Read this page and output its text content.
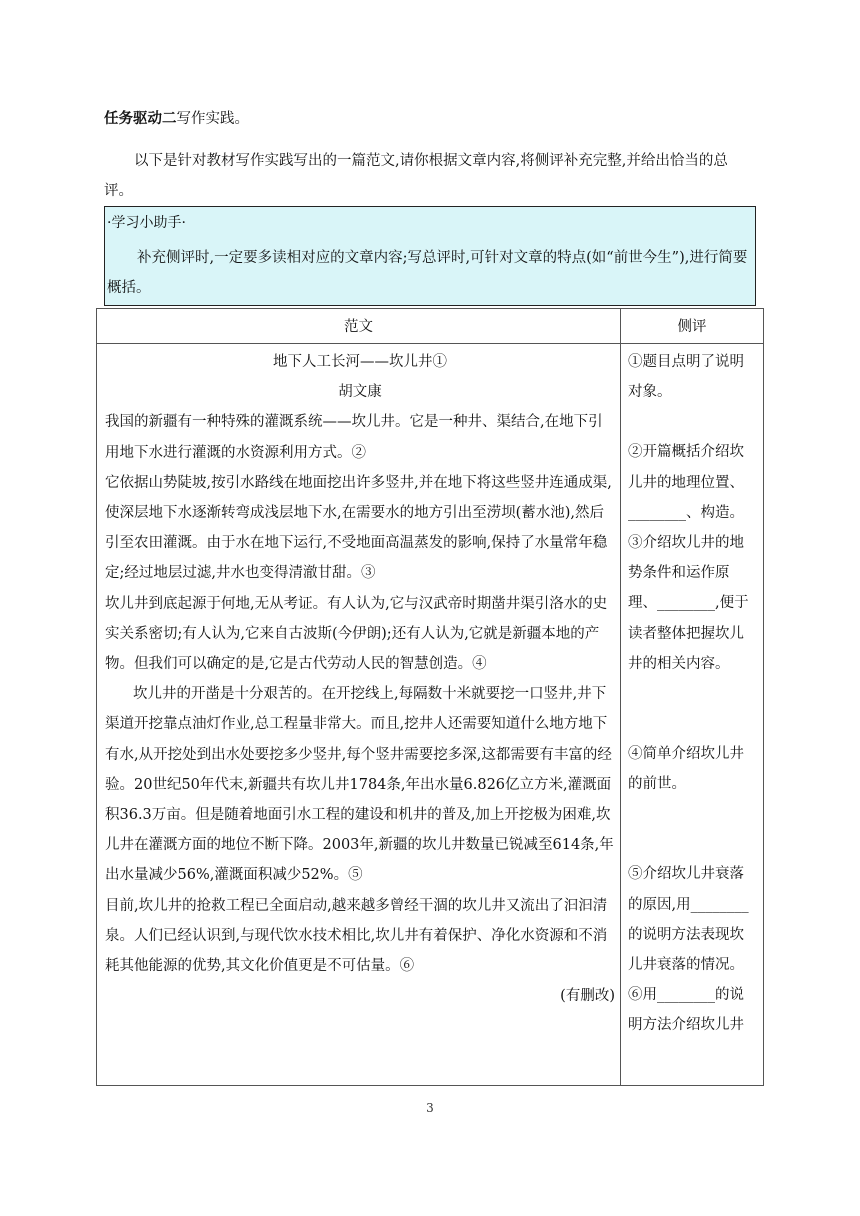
任务驱动二写作实践。
以下是针对教材写作实践写出的一篇范文,请你根据文章内容,将侧评补充完整,并给出恰当的总评。
·学习小助手·
补充侧评时,一定要多读相对应的文章内容;写总评时,可针对文章的特点(如“前世今生”),进行简要概括。
范文	侧评

地下人工长河——坎儿井①

胡文康

我国的新疆有一种特殊的灌溉系统——坎儿井。它是一种井、渠结合,在地下引用地下水进行灌溉的水资源利用方式。②

它依据山势陡坡,按引水路线在地面挖出许多竖井,并在地下将这些竖井连通成渠,使深层地下水逐渐转弯成浅层地下水,在需要水的地方引出至涝坝(蓄水池),然后引至农田灌溉。由于水在地下运行,不受地面高温蒸发的影响,保持了水量常年稳定;经过地层过滤,井水也变得清澈甘甜。③

坎儿井到底起源于何地,无从考证。有人认为,它与汉武帝时期凿井渠引洛水的史实关系密切;有人认为,它来自古波斯(今伊朗);还有人认为,它就是新疆本地的产物。但我们可以确定的是,它是古代劳动人民的智慧创造。④

坎儿井的开凿是十分艰苦的。在开挖线上,每隔数十米就要挖一口竖井,井下渠道开挖靠点油灯作业,总工程量非常大。而且,挖井人还需要知道什么地方地下有水,从开挖处到出水处要挖多少竖井,每个竖井需要挖多深,这都需要有丰富的经验。20世纪50年代末,新疆共有坎儿井1784条,年出水量6.826亿立方米,灌溉面积36.3万亩。但是随着地面引水工程的建设和机井的普及,加上开挖极为困难,坎儿井在灌溉方面的地位不断下降。2003年,新疆的坎儿井数量已锐减至614条,年出水量减少56%,灌溉面积减少52%。⑤

目前,坎儿井的抢救工程已全面启动,越来越多曾经干涸的坎儿井又流出了汩汩清泉。人们已经认识到,与现代饮水技术相比,坎儿井有着保护、净化水资源和不消耗其他能源的优势,其文化价值更是不可估量。⑥

(有删改)

①题目点明了说明对象。

②开篇概括介绍坎儿井的地理位置、________、构造。

③介绍坎儿井的地势条件和运作原理、________,便于读者整体把握坎儿井的相关内容。

④简单介绍坎儿井的前世。

⑤介绍坎儿井衰落的原因,用________的说明方法表现坎儿井衰落的情况。

⑥用________的说明方法介绍坎儿井

3
